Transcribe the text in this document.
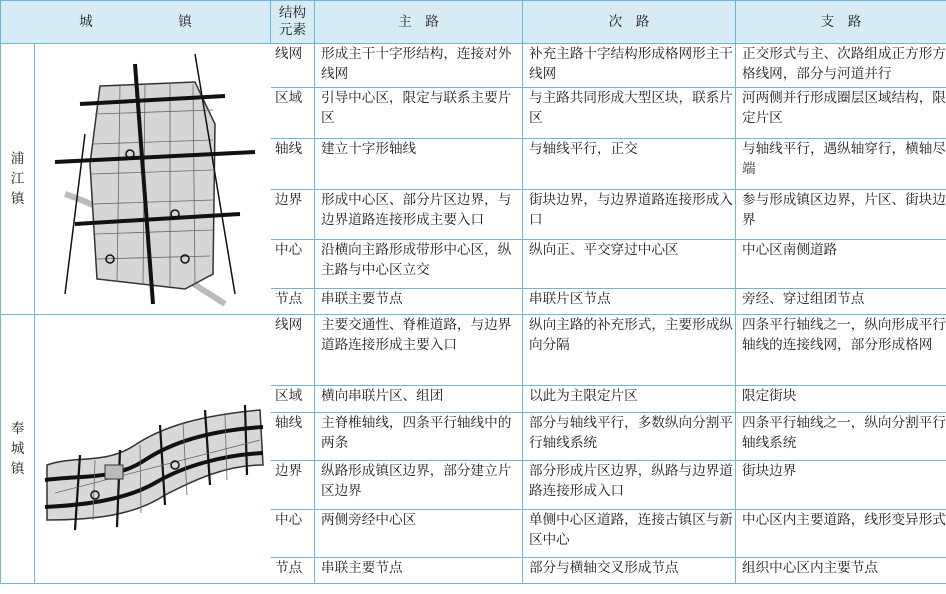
城　镇		结构元素	主　路	次　路	支　路
浦江镇		线网	形成主干十字形结构，连接对外线网	补充主路十字结构形成格网形主干线网	正交形式与主、次路组成正方形方格线网，部分与河道并行
		区域	引导中心区，限定与联系主要片区	与主路共同形成大型区块，联系片区	河两侧并行形成圈层区域结构，限定片区
		轴线	建立十字形轴线	与轴线平行，正交	与轴线平行，遇纵轴穿行，横轴尽端
		边界	形成中心区、部分片区边界，与边界道路连接形成主要入口	街块边界，与边界道路连接形成入口	参与形成镇区边界，片区、街块边界
		中心	沿横向主路形成带形中心区，纵主路与中心区立交	纵向正、平交穿过中心区	中心区南侧道路
		节点	串联主要节点	串联片区节点	旁经、穿过组团节点
奉城镇		线网	主要交通性、脊椎道路，与边界道路连接形成主要入口	纵向主路的补充形式，主要形成纵向分隔	四条平行轴线之一，纵向形成平行轴线的连接线网，部分形成格网
		区域	横向串联片区、组团	以此为主限定片区	限定街块
		轴线	主脊椎轴线，四条平行轴线中的两条	部分与轴线平行，多数纵向分割平行轴线系统	四条平行轴线之一，纵向分割平行轴线系统
		边界	纵路形成镇区边界，部分建立片区边界	部分形成片区边界，纵路与边界道路连接形成入口	街块边界
		中心	两侧旁经中心区	单侧中心区道路，连接古镇区与新区中心	中心区内主要道路，线形变异形式
		节点	串联主要节点	部分与横轴交叉形成节点	组织中心区内主要节点
